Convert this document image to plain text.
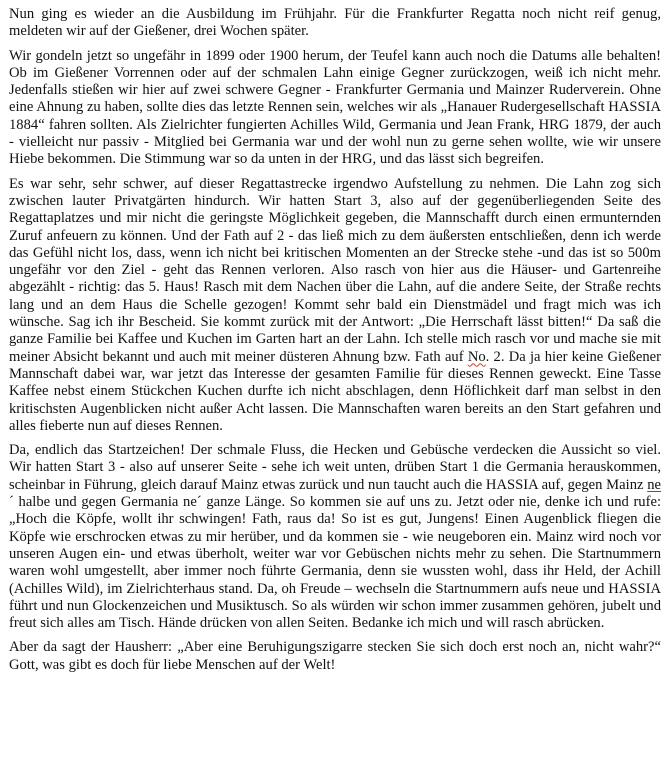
Nun ging es wieder an die Ausbildung im Frühjahr. Für die Frankfurter Regatta noch nicht reif genug, meldeten wir auf der Gießener, drei Wochen später.

Wir gondeln jetzt so ungefähr in 1899 oder 1900 herum, der Teufel kann auch noch die Datums alle behalten! Ob im Gießener Vorrennen oder auf der schmalen Lahn einige Gegner zurückzogen, weiß ich nicht mehr. Jedenfalls stießen wir hier auf zwei schwere Gegner - Frankfurter Germania und Mainzer Ruderverein. Ohne eine Ahnung zu haben, sollte dies das letzte Rennen sein, welches wir als „Hanauer Rudergesellschaft HASSIA 1884“ fahren sollten. Als Zielrichter fungierten Achilles Wild, Germania und Jean Frank, HRG 1879, der auch - vielleicht nur passiv - Mitglied bei Germania war und der wohl nun zu gerne sehen wollte, wie wir unsere Hiebe bekommen. Die Stimmung war so da unten in der HRG, und das lässt sich begreifen.

Es war sehr, sehr schwer, auf dieser Regattastrecke irgendwo Aufstellung zu nehmen. Die Lahn zog sich zwischen lauter Privatgärten hindurch. Wir hatten Start 3, also auf der gegenüberliegenden Seite des Regattaplatzes und mir nicht die geringste Möglichkeit gegeben, die Mannschafft durch einen ermunternden Zuruf anfeuern zu können. Und der Fath auf 2 - das ließ mich zu dem äußersten entschließen, denn ich werde das Gefühl nicht los, dass, wenn ich nicht bei kritischen Momenten an der Strecke stehe -und das ist so 500m ungefähr vor den Ziel - geht das Rennen verloren. Also rasch von hier aus die Häuser- und Gartenreihe abgezählt - richtig: das 5. Haus! Rasch mit dem Nachen über die Lahn, auf die andere Seite, der Straße rechts lang und an dem Haus die Schelle gezogen! Kommt sehr bald ein Dienstmädel und fragt mich was ich wünsche. Sag ich ihr Bescheid. Sie kommt zurück mit der Antwort: „Die Herrschaft lässt bitten!“ Da saß die ganze Familie bei Kaffee und Kuchen im Garten hart an der Lahn. Ich stelle mich rasch vor und mache sie mit meiner Absicht bekannt und auch mit meiner düsteren Ahnung bzw. Fath auf No. 2. Da ja hier keine Gießener Mannschaft dabei war, war jetzt das Interesse der gesamten Familie für dieses Rennen geweckt. Eine Tasse Kaffee nebst einem Stückchen Kuchen durfte ich nicht abschlagen, denn Höflichkeit darf man selbst in den kritischsten Augenblicken nicht außer Acht lassen. Die Mannschaften waren bereits an den Start gefahren und alles fieberte nun auf dieses Rennen.

Da, endlich das Startzeichen! Der schmale Fluss, die Hecken und Gebüsche verdecken die Aussicht so viel. Wir hatten Start 3 - also auf unserer Seite - sehe ich weit unten, drüben Start 1 die Germania herauskommen, scheinbar in Führung, gleich darauf Mainz etwas zurück und nun taucht auch die HASSIA auf, gegen Mainz ne´ halbe und gegen Germania ne´ ganze Länge. So kommen sie auf uns zu. Jetzt oder nie, denke ich und rufe: „Hoch die Köpfe, wollt ihr schwingen! Fath, raus da! So ist es gut, Jungens! Einen Augenblick fliegen die Köpfe wie erschrocken etwas zu mir herüber, und da kommen sie - wie neugeboren ein. Mainz wird noch vor unseren Augen ein- und etwas überholt, weiter war vor Gebüschen nichts mehr zu sehen. Die Startnummern waren wohl umgestellt, aber immer noch führte Germania, denn sie wussten wohl, dass ihr Held, der Achill (Achilles Wild), im Zielrichterhaus stand. Da, oh Freude – wechseln die Startnummern aufs neue und HASSIA führt und nun Glockenzeichen und Musiktusch. So als würden wir schon immer zusammen gehören, jubelt und freut sich alles am Tisch. Hände drücken von allen Seiten. Bedanke ich mich und will rasch abrücken.

Aber da sagt der Hausherr: „Aber eine Beruhigungszigarre stecken Sie sich doch erst noch an, nicht wahr?“ Gott, was gibt es doch für liebe Menschen auf der Welt!
